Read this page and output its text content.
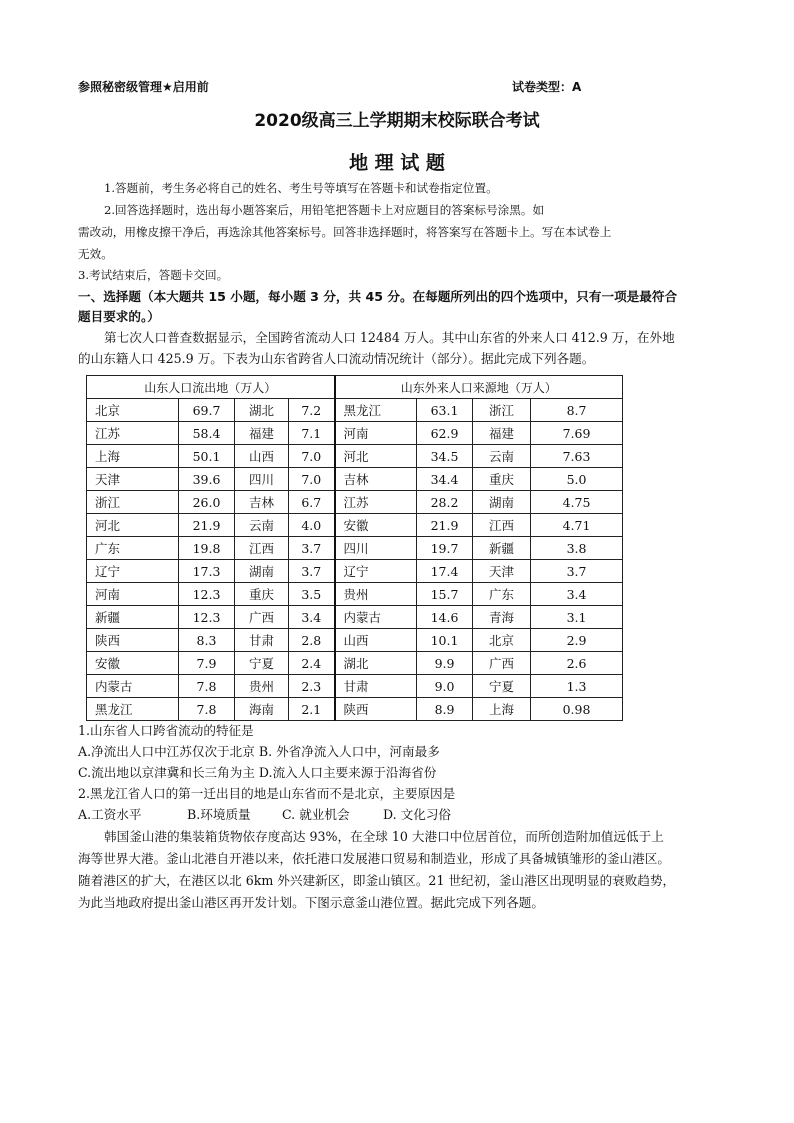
参照秘密级管理★启用前	试卷类型：A
2020级高三上学期期末校际联合考试
地 理 试 题
1.答题前，考生务必将自己的姓名、考生号等填写在答题卡和试卷指定位置。
2.回答选择题时，选出每小题答案后，用铅笔把答题卡上对应题目的答案标号涂黑。如
需改动，用橡皮擦干净后，再选涂其他答案标号。回答非选择题时，将答案写在答题卡上。写在本试卷上
无效。
3.考试结束后，答题卡交回。
一、选择题（本大题共 15 小题，每小题 3 分，共 45 分。在每题所列出的四个选项中，只有一项是最符合
题目要求的。）
第七次人口普查数据显示，全国跨省流动人口 12484 万人。其中山东省的外来人口 412.9 万，在外地
的山东籍人口 425.9 万。下表为山东省跨省人口流动情况统计（部分）。据此完成下列各题。
山东人口流出地（万人）				山东外来人口来源地（万人）			
北京	69.7	湖北	7.2	黑龙江	63.1	浙江	8.7
江苏	58.4	福建	7.1	河南	62.9	福建	7.69
上海	50.1	山西	7.0	河北	34.5	云南	7.63
天津	39.6	四川	7.0	吉林	34.4	重庆	5.0
浙江	26.0	吉林	6.7	江苏	28.2	湖南	4.75
河北	21.9	云南	4.0	安徽	21.9	江西	4.71
广东	19.8	江西	3.7	四川	19.7	新疆	3.8
辽宁	17.3	湖南	3.7	辽宁	17.4	天津	3.7
河南	12.3	重庆	3.5	贵州	15.7	广东	3.4
新疆	12.3	广西	3.4	内蒙古	14.6	青海	3.1
陕西	8.3	甘肃	2.8	山西	10.1	北京	2.9
安徽	7.9	宁夏	2.4	湖北	9.9	广西	2.6
内蒙古	7.8	贵州	2.3	甘肃	9.0	宁夏	1.3
黑龙江	7.8	海南	2.1	陕西	8.9	上海	0.98
1.山东省人口跨省流动的特征是
A.净流出人口中江苏仅次于北京 B. 外省净流入人口中，河南最多
C.流出地以京津冀和长三角为主 D.流入人口主要来源于沿海省份
2.黑龙江省人口的第一迁出目的地是山东省而不是北京，主要原因是
A.工资水平	B.环境质量 C. 就业机会	D. 文化习俗
韩国釜山港的集装箱货物依存度高达 93%，在全球 10 大港口中位居首位，而所创造附加值远低于上
海等世界大港。釜山北港自开港以来，依托港口发展港口贸易和制造业，形成了具备城镇雏形的釜山港区。
随着港区的扩大，在港区以北 6km 外兴建新区，即釜山镇区。21 世纪初，釜山港区出现明显的衰败趋势，
为此当地政府提出釜山港区再开发计划。下图示意釜山港位置。据此完成下列各题。
